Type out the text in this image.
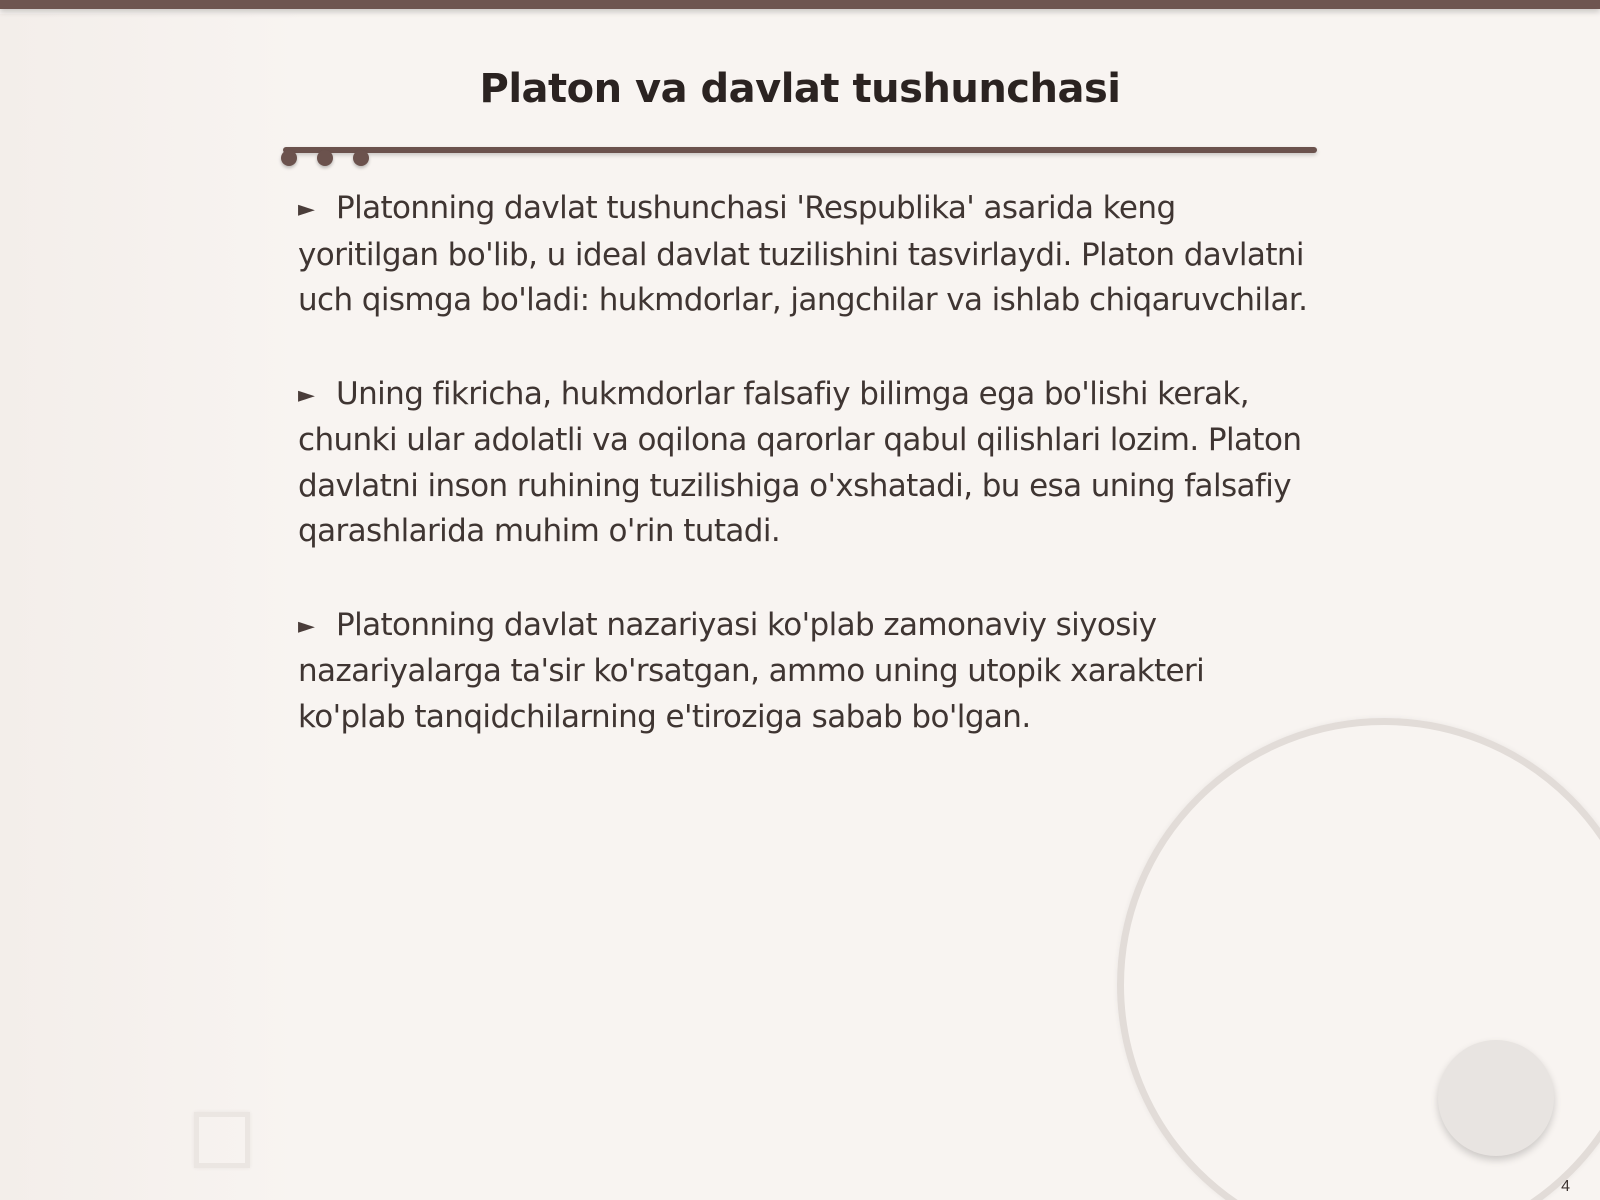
Platon va davlat tushunchasi

► Platonning davlat tushunchasi 'Respublika' asarida keng yoritilgan bo'lib, u ideal davlat tuzilishini tasvirlaydi. Platon davlatni uch qismga bo'ladi: hukmdorlar, jangchilar va ishlab chiqaruvchilar.

► Uning fikricha, hukmdorlar falsafiy bilimga ega bo'lishi kerak, chunki ular adolatli va oqilona qarorlar qabul qilishlari lozim. Platon davlatni inson ruhining tuzilishiga o'xshatadi, bu esa uning falsafiy qarashlarida muhim o'rin tutadi.

► Platonning davlat nazariyasi ko'plab zamonaviy siyosiy nazariyalarga ta'sir ko'rsatgan, ammo uning utopik xarakteri ko'plab tanqidchilarning e'tiroziga sabab bo'lgan.

4
